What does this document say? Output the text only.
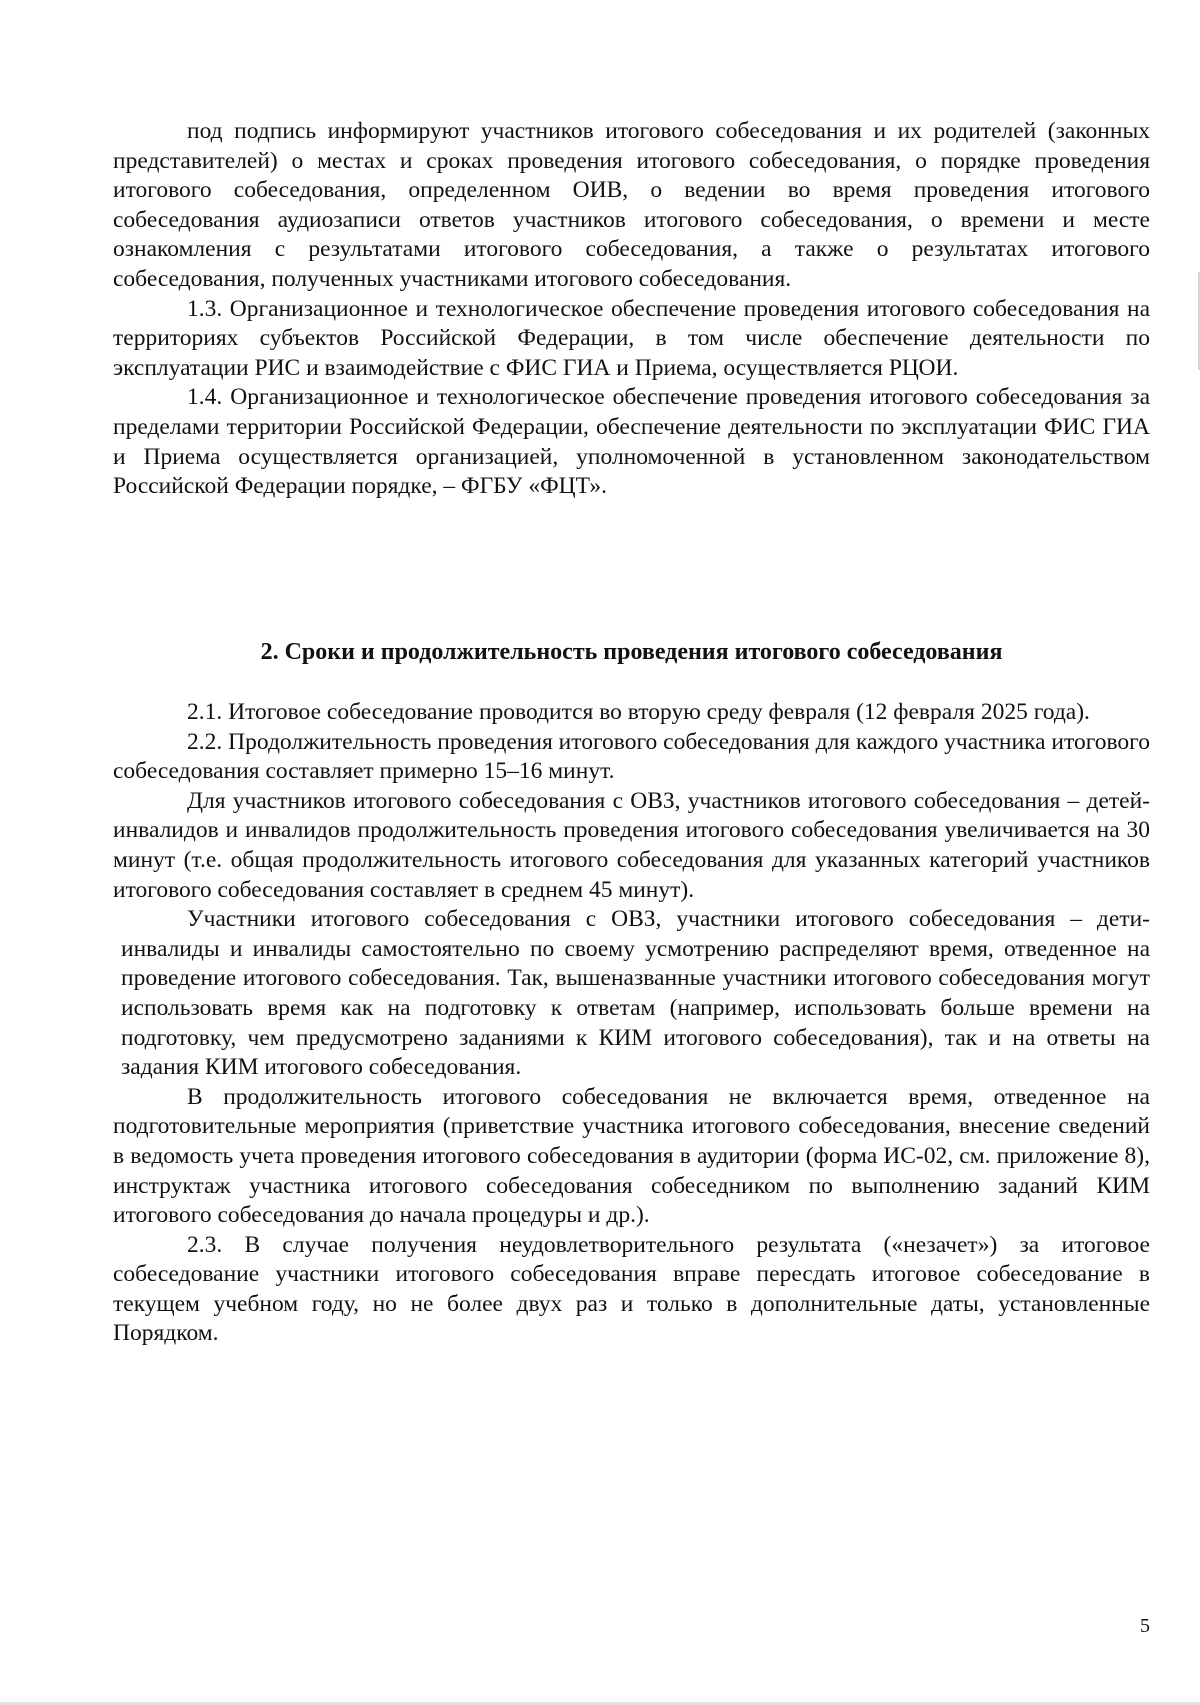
под подпись информируют участников итогового собеседования и их родителей (законных представителей) о местах и сроках проведения итогового собеседования, о порядке проведения итогового собеседования, определенном ОИВ, о ведении во время проведения итогового собеседования аудиозаписи ответов участников итогового собеседования, о времени и месте ознакомления с результатами итогового собеседования, а также о результатах итогового собеседования, полученных участниками итогового собеседования.

1.3. Организационное и технологическое обеспечение проведения итогового собеседования на территориях субъектов Российской Федерации, в том числе обеспечение деятельности по эксплуатации РИС и взаимодействие с ФИС ГИА и Приема, осуществляется РЦОИ.

1.4. Организационное и технологическое обеспечение проведения итогового собеседования за пределами территории Российской Федерации, обеспечение деятельности по эксплуатации ФИС ГИА и Приема осуществляется организацией, уполномоченной в установленном законодательством Российской Федерации порядке, – ФГБУ «ФЦТ».

2. Сроки и продолжительность проведения итогового собеседования

2.1. Итоговое собеседование проводится во вторую среду февраля (12 февраля 2025 года).

2.2. Продолжительность проведения итогового собеседования для каждого участника итогового собеседования составляет примерно 15–16 минут.

Для участников итогового собеседования с ОВЗ, участников итогового собеседования – детей-инвалидов и инвалидов продолжительность проведения итогового собеседования увеличивается на 30 минут (т.е. общая продолжительность итогового собеседования для указанных категорий участников итогового собеседования составляет в среднем 45 минут).

Участники итогового собеседования с ОВЗ, участники итогового собеседования – дети-инвалиды и инвалиды самостоятельно по своему усмотрению распределяют время, отведенное на проведение итогового собеседования. Так, вышеназванные участники итогового собеседования могут использовать время как на подготовку к ответам (например, использовать больше времени на подготовку, чем предусмотрено заданиями к КИМ итогового собеседования), так и на ответы на задания КИМ итогового собеседования.

В продолжительность итогового собеседования не включается время, отведенное на подготовительные мероприятия (приветствие участника итогового собеседования, внесение сведений в ведомость учета проведения итогового собеседования в аудитории (форма ИС-02, см. приложение 8), инструктаж участника итогового собеседования собеседником по выполнению заданий КИМ итогового собеседования до начала процедуры и др.).

2.3. В случае получения неудовлетворительного результата («незачет») за итоговое собеседование участники итогового собеседования вправе пересдать итоговое собеседование в текущем учебном году, но не более двух раз и только в дополнительные даты, установленные Порядком.

5
